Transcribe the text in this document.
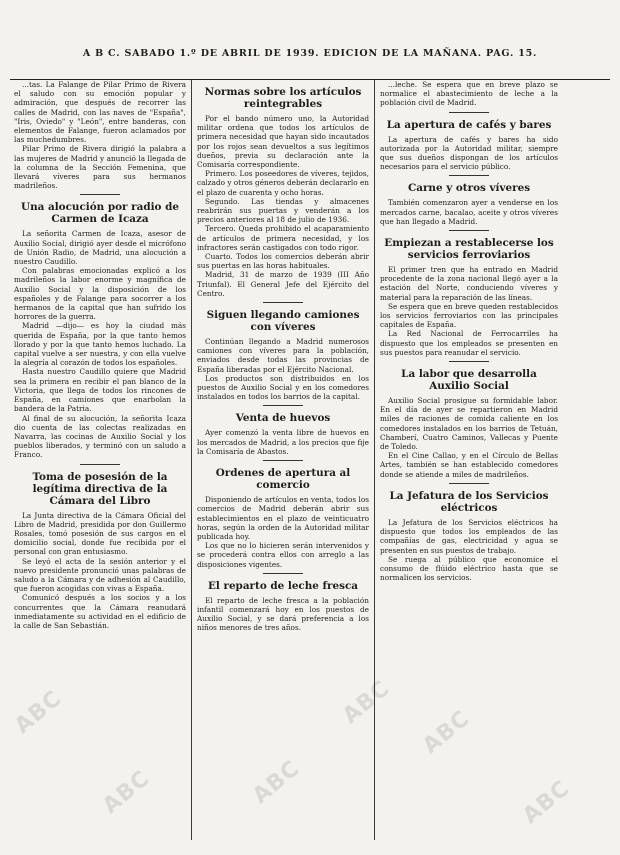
A B C. SABADO 1.º DE ABRIL DE 1939. EDICION DE LA MAÑANA. PAG. 15.

...tas. La Falange de Pilar Primo de Rivera el saludo con su emoción popular y admiración, que después de recorrer las calles de Madrid, con las naves de "España", "Iris, Oviedo" y "León", entre banderas, con elementos de Falange, fueron aclamados por las muchedumbres.

Pilar Primo de Rivera dirigió la palabra a las mujeres de Madrid y anunció la llegada de la columna de la Sección Femenina, que llevará víveres para sus hermanos madrileños.

Una alocución por radio de Carmen de Icaza

La señorita Carmen de Icaza, asesor de Auxilio Social, dirigió ayer desde el micrófono de Unión Radio, de Madrid, una alocución a nuestro Caudillo.

Con palabras emocionadas explicó a los madrileños la labor enorme y magnífica de Auxilio Social y la disposición de los españoles y de Falange para socorrer a los hermanos de la capital que han sufrido los horrores de la guerra.

Madrid —dijo— es hoy la ciudad más querida de España, por la que tanto hemos llorado y por la que tanto hemos luchado. La capital vuelve a ser nuestra, y con ella vuelve la alegría al corazón de todos los españoles.

Hasta nuestro Caudillo quiere que Madrid sea la primera en recibir el pan blanco de la Victoria, que llega de todos los rincones de España, en camiones que enarbolan la bandera de la Patria.

Al final de su alocución, la señorita Icaza dio cuenta de las colectas realizadas en Navarra, las cocinas de Auxilio Social y los pueblos liberados, y terminó con un saludo a Franco.

Toma de posesión de la legítima directiva de la Cámara del Libro

La Junta directiva de la Cámara Oficial del Libro de Madrid, presidida por don Guillermo Rosales, tomó posesión de sus cargos en el domicilio social, donde fue recibida por el personal con gran entusiasmo.

Se leyó el acta de la sesión anterior y el nuevo presidente pronunció unas palabras de saludo a la Cámara y de adhesión al Caudillo, que fueron acogidas con vivas a España.

Comunicó después a los socios y a los concurrentes que la Cámara reanudará inmediatamente su actividad en el edificio de la calle de San Sebastián.

Normas sobre los artículos reintegrables

Por el bando número uno, la Autoridad militar ordena que todos los artículos de primera necesidad que hayan sido incautados por los rojos sean devueltos a sus legítimos dueños, previa su declaración ante la Comisaría correspondiente.

Primero. Los poseedores de víveres, tejidos, calzado y otros géneros deberán declararlo en el plazo de cuarenta y ocho horas.

Segundo. Las tiendas y almacenes reabrirán sus puertas y venderán a los precios anteriores al 18 de julio de 1936.

Tercero. Queda prohibido el acaparamiento de artículos de primera necesidad, y los infractores serán castigados con todo rigor.

Cuarto. Todos los comercios deberán abrir sus puertas en las horas habituales.

Madrid, 31 de marzo de 1939 (III Año Triunfal). El General Jefe del Ejército del Centro.

Siguen llegando camiones con víveres

Continúan llegando a Madrid numerosos camiones con víveres para la población, enviados desde todas las provincias de España liberadas por el Ejército Nacional.

Los productos son distribuidos en los puestos de Auxilio Social y en los comedores instalados en todos los barrios de la capital.

Venta de huevos

Ayer comenzó la venta libre de huevos en los mercados de Madrid, a los precios que fije la Comisaría de Abastos.

Ordenes de apertura al comercio

Disponiendo de artículos en venta, todos los comercios de Madrid deberán abrir sus establecimientos en el plazo de veinticuatro horas, según la orden de la Autoridad militar publicada hoy.

Los que no lo hicieren serán intervenidos y se procederá contra ellos con arreglo a las disposiciones vigentes.

El reparto de leche fresca

El reparto de leche fresca a la población infantil comenzará hoy en los puestos de Auxilio Social, y se dará preferencia a los niños menores de tres años.

...leche. Se espera que en breve plazo se normalice el abastecimiento de leche a la población civil de Madrid.

La apertura de cafés y bares

La apertura de cafés y bares ha sido autorizada por la Autoridad militar, siempre que sus dueños dispongan de los artículos necesarios para el servicio público.

Carne y otros víveres

También comenzaron ayer a venderse en los mercados carne, bacalao, aceite y otros víveres que han llegado a Madrid.

Empiezan a restablecerse los servicios ferroviarios

El primer tren que ha entrado en Madrid procedente de la zona nacional llegó ayer a la estación del Norte, conduciendo víveres y material para la reparación de las líneas.

Se espera que en breve queden restablecidos los servicios ferroviarios con las principales capitales de España.

La Red Nacional de Ferrocarriles ha dispuesto que los empleados se presenten en sus puestos para reanudar el servicio.

La labor que desarrolla Auxilio Social

Auxilio Social prosigue su formidable labor. En el día de ayer se repartieron en Madrid miles de raciones de comida caliente en los comedores instalados en los barrios de Tetuán, Chamberí, Cuatro Caminos, Vallecas y Puente de Toledo.

En el Cine Callao, y en el Círculo de Bellas Artes, también se han establecido comedores donde se atiende a miles de madrileños.

La Jefatura de los Servicios eléctricos

La Jefatura de los Servicios eléctricos ha dispuesto que todos los empleados de las compañías de gas, electricidad y agua se presenten en sus puestos de trabajo.

Se ruega al público que economice el consumo de flúido eléctrico hasta que se normalicen los servicios.

ABC
ABC	ABC
ABC
ABC
ABC
